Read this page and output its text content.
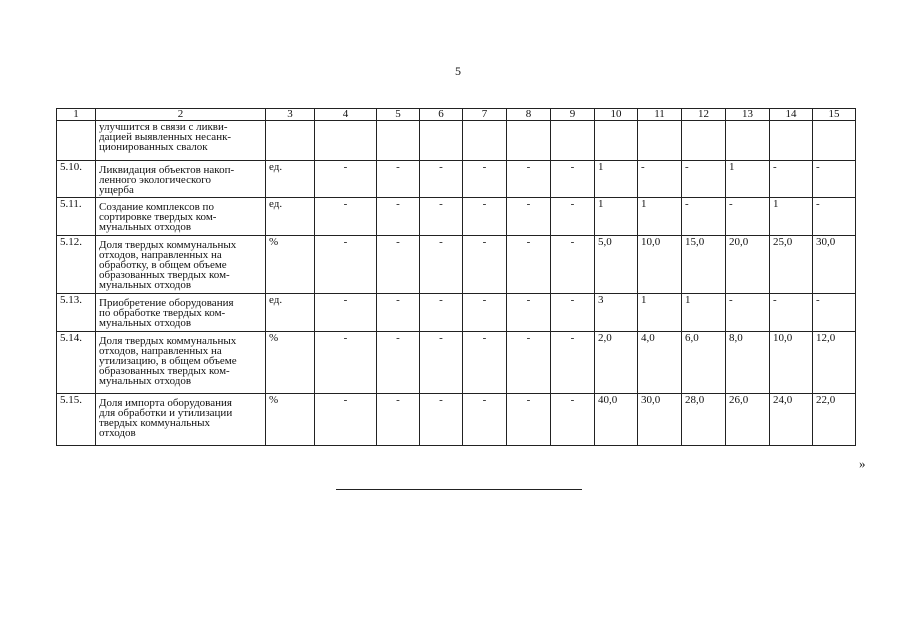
5
1	2	3	4	5	6	7	8	9	10	11	12	13	14	15

	улучшится в связи с ликви-
дацией выявленных несанк-
ционированных свалок													

5.10.	Ликвидация объектов накоп-
ленного экологического
ущерба	ед.	-	-	-	-	-	-	1	-	-	1	-	-
5.11.	Создание комплексов по
сортировке твердых ком-
мунальных отходов	ед.	-	-	-	-	-	-	1	1	-	-	1	-
5.12.	Доля твердых коммунальных
отходов, направленных на
обработку, в общем объеме
образованных твердых ком-
мунальных отходов	%	-	-	-	-	-	-	5,0	10,0	15,0	20,0	25,0	30,0
5.13.	Приобретение оборудования
по обработке твердых ком-
мунальных отходов	ед.	-	-	-	-	-	-	3	1	1	-	-	-
5.14.	Доля твердых коммунальных
отходов, направленных на
утилизацию, в общем объеме
образованных твердых ком-
мунальных отходов	%	-	-	-	-	-	-	2,0	4,0	6,0	8,0	10,0	12,0
5.15.	Доля импорта оборудования
для обработки и утилизации
твердых коммунальных
отходов	%	-	-	-	-	-	-	40,0	30,0	28,0	26,0	24,0	22,0
»
